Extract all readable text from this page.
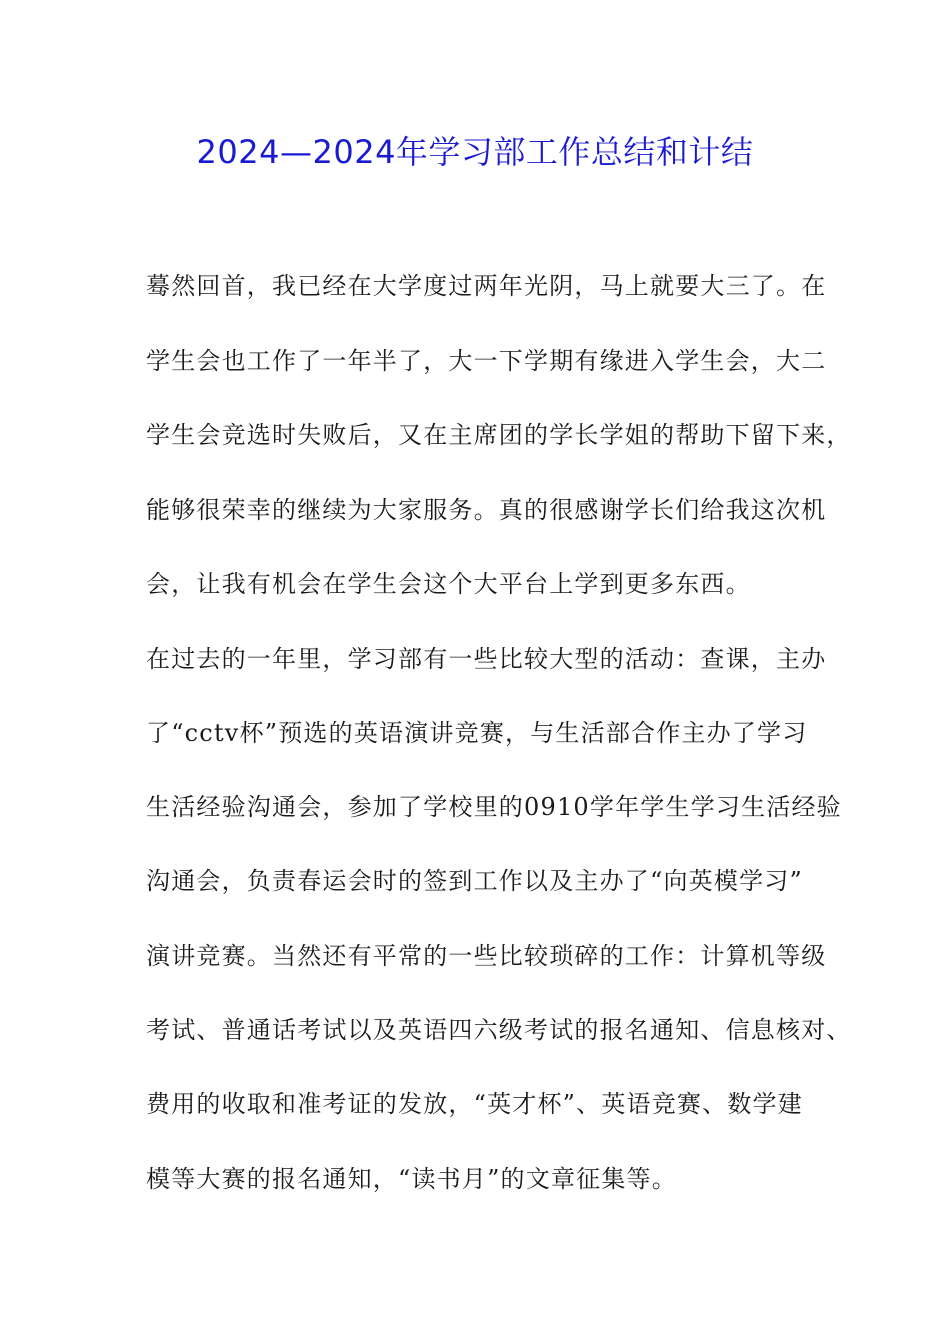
2024—2024年学习部工作总结和计结
蓦然回首，我已经在大学度过两年光阴，马上就要大三了。在
学生会也工作了一年半了，大一下学期有缘进入学生会，大二
学生会竞选时失败后，又在主席团的学长学姐的帮助下留下来，
能够很荣幸的继续为大家服务。真的很感谢学长们给我这次机
会，让我有机会在学生会这个大平台上学到更多东西。
在过去的一年里，学习部有一些比较大型的活动：查课，主办
了“cctv杯”预选的英语演讲竞赛，与生活部合作主办了学习
生活经验沟通会，参加了学校里的0910学年学生学习生活经验
沟通会，负责春运会时的签到工作以及主办了“向英模学习”
演讲竞赛。当然还有平常的一些比较琐碎的工作：计算机等级
考试、普通话考试以及英语四六级考试的报名通知、信息核对、
费用的收取和准考证的发放，“英才杯”、英语竞赛、数学建
模等大赛的报名通知，“读书月”的文章征集等。
